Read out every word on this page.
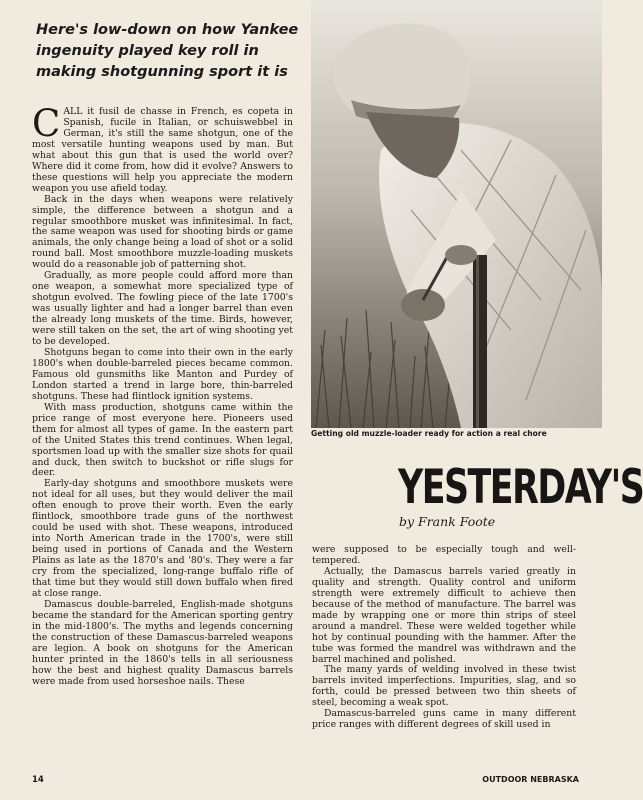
Here's low-down on how Yankee
ingenuity played key roll in
making shotgunning sport it is
Getting old muzzle-loader ready for action a real chore

CALL it fusil de chasse in French, es copeta in Spanish, fucile in Italian, or schuiswebbel in German, it's still the same shotgun, one of the most versatile hunting weapons used by man. But what about this gun that is used the world over? Where did it come from, how did it evolve? Answers to these questions will help you appreciate the modern weapon you use afield today.

Back in the days when weapons were relatively simple, the difference between a shotgun and a regular smoothbore musket was infinitesimal. In fact, the same weapon was used for shooting birds or game animals, the only change being a load of shot or a solid round ball. Most smoothbore muzzle-loading muskets would do a reasonable job of patterning shot.

Gradually, as more people could afford more than one weapon, a somewhat more specialized type of shotgun evolved. The fowling piece of the late 1700's was usually lighter and had a longer barrel than even the already long muskets of the time. Birds, however, were still taken on the set, the art of wing shooting yet to be developed.

Shotguns began to come into their own in the early 1800's when double-barreled pieces became common. Famous old gunsmiths like Manton and Purdey of London started a trend in large bore, thin-barreled shotguns. These had flintlock ignition systems.

With mass production, shotguns came within the price range of most everyone here. Pioneers used them for almost all types of game. In the eastern part of the United States this trend continues. When legal, sportsmen load up with the smaller size shots for quail and duck, then switch to buckshot or rifle slugs for deer.

Early-day shotguns and smoothbore muskets were not ideal for all uses, but they would deliver the mail often enough to prove their worth. Even the early flintlock, smoothbore trade guns of the northwest could be used with shot. These weapons, introduced into North American trade in the 1700's, were still being used in portions of Canada and the Western Plains as late as the 1870's and '80's. They were a far cry from the specialized, long-range buffalo rifle of that time but they would still down buffalo when fired at close range.

Damascus double-barreled, English-made shotguns became the standard for the American sporting gentry in the mid-1800's. The myths and legends concerning the construction of these Damascus-barreled weapons are legion. A book on shotguns for the American hunter printed in the 1860's tells in all seriousness how the best and highest quality Damascus barrels were made from used horseshoe nails. These

YESTERDAY'S
by Frank Foote

were supposed to be especially tough and well-tempered.

Actually, the Damascus barrels varied greatly in quality and strength. Quality control and uniform strength were extremely difficult to achieve then because of the method of manufacture. The barrel was made by wrapping one or more thin strips of steel around a mandrel. These were welded together while hot by continual pounding with the hammer. After the tube was formed the mandrel was withdrawn and the barrel machined and polished.

The many yards of welding involved in these twist barrels invited imperfections. Impurities, slag, and so forth, could be pressed between two thin sheets of steel, becoming a weak spot.

Damascus-barreled guns came in many different price ranges with different degrees of skill used in

14	OUTDOOR NEBRASKA
